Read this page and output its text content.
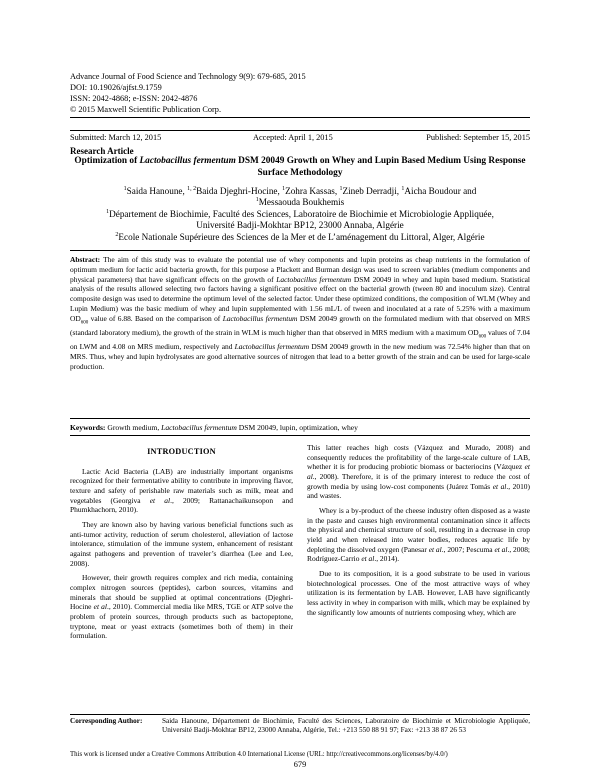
Advance Journal of Food Science and Technology 9(9): 679-685, 2015
DOI: 10.19026/ajfst.9.1759
ISSN: 2042-4868; e-ISSN: 2042-4876
© 2015 Maxwell Scientific Publication Corp.
Submitted: March 12, 2015	Accepted: April 1, 2015	Published: September 15, 2015
Research Article
Optimization of Lactobacillus fermentum DSM 20049 Growth on Whey and Lupin Based Medium Using Response Surface Methodology
$^1$Saida Hanoune, $^{1, 2}$Baida Djeghri-Hocine, $^1$Zohra Kassas, $^1$Zineb Derradji, $^1$Aicha Boudour and
$^1$Messaouda Boukhemis
$^1$Département de Biochimie, Faculté des Sciences, Laboratoire de Biochimie et Microbiologie Appliquée,
Université Badji-Mokhtar BP12, 23000 Annaba, Algérie
$^2$Ecole Nationale Supérieure des Sciences de la Mer et de L’aménagement du Littoral, Alger, Algérie
Abstract: The aim of this study was to evaluate the potential use of whey components and lupin proteins as cheap nutrients in the formulation of optimum medium for lactic acid bacteria growth, for this purpose a Plackett and Burman design was used to screen variables (medium components and physical parameters) that have significant effects on the growth of Lactobacillus fermentum DSM 20049 in whey and lupin based medium. Statistical analysis of the results allowed selecting two factors having a significant positive effect on the bacterial growth (tween 80 and inoculum size). Central composite design was used to determine the optimum level of the selected factor. Under these optimized conditions, the composition of WLM (Whey and Lupin Medium) was the basic medium of whey and lupin supplemented with 1.56 mL/L of tween and inoculated at a rate of 5.25% with a maximum $OD_{600}$ value of 6.88. Based on the comparison of Lactobacillus fermentum DSM 20049 growth on the formulated medium with that observed on MRS (standard laboratory medium), the growth of the strain in WLM is much higher than that observed in MRS medium with a maximum $OD_{600}$ values of 7.04 on LWM and 4.08 on MRS medium, respectively and Lactobacillus fermentum DSM 20049 growth in the new medium was 72.54% higher than that on MRS. Thus, whey and lupin hydrolysates are good alternative sources of nitrogen that lead to a better growth of the strain and can be used for large-scale production.
Keywords: Growth medium, Lactobacillus fermentum DSM 20049, lupin, optimization, whey
INTRODUCTION

Lactic Acid Bacteria (LAB) are industrially important organisms recognized for their fermentative ability to contribute in improving flavor, texture and safety of perishable raw materials such as milk, meat and vegetables (Georgiva et al., 2009; Rattanachaikunsopon and Phumkhachorn, 2010).

They are known also by having various beneficial functions such as anti-tumor activity, reduction of serum cholesterol, alleviation of lactose intolerance, stimulation of the immune system, enhancement of resistant against pathogens and prevention of traveler’s diarrhea (Lee and Lee, 2008).

However, their growth requires complex and rich media, containing complex nitrogen sources (peptides), carbon sources, vitamins and minerals that should be supplied at optimal concentrations (Djeghri-Hocine et al., 2010). Commercial media like MRS, TGE or ATP solve the problem of protein sources, through products such as bactopeptone, tryptone, meat or yeast extracts (sometimes both of them) in their formulation.

This latter reaches high costs (Vázquez and Murado, 2008) and consequently reduces the profitability of the large-scale culture of LAB, whether it is for producing probiotic biomass or bacteriocins (Vázquez et al., 2008). Therefore, it is of the primary interest to reduce the cost of growth media by using low-cost components (Juárez Tomás et al., 2010) and wastes.

Whey is a by-product of the cheese industry often disposed as a waste in the paste and causes high environmental contamination since it affects the physical and chemical structure of soil, resulting in a decrease in crop yield and when released into water bodies, reduces aquatic life by depleting the dissolved oxygen (Panesar et al., 2007; Pescuma et al., 2008; Rodríguez-Carrio et al., 2014).

Due to its composition, it is a good substrate to be used in various biotechnological processes. One of the most attractive ways of whey utilization is its fermentation by LAB. However, LAB have significantly less activity in whey in comparison with milk, which may be explained by the significantly low amounts of nutrients composing whey, which are

Corresponding Author:	Saida Hanoune, Département de Biochimie, Faculté des Sciences, Laboratoire de Biochimie et Microbiologie Appliquée, Université Badji-Mokhtar BP12, 23000 Annaba, Algérie, Tel.: +213 550 88 91 97; Fax: +213 38 87 26 53
This work is licensed under a Creative Commons Attribution 4.0 International License (URL: http://creativecommons.org/licenses/by/4.0/)
679
